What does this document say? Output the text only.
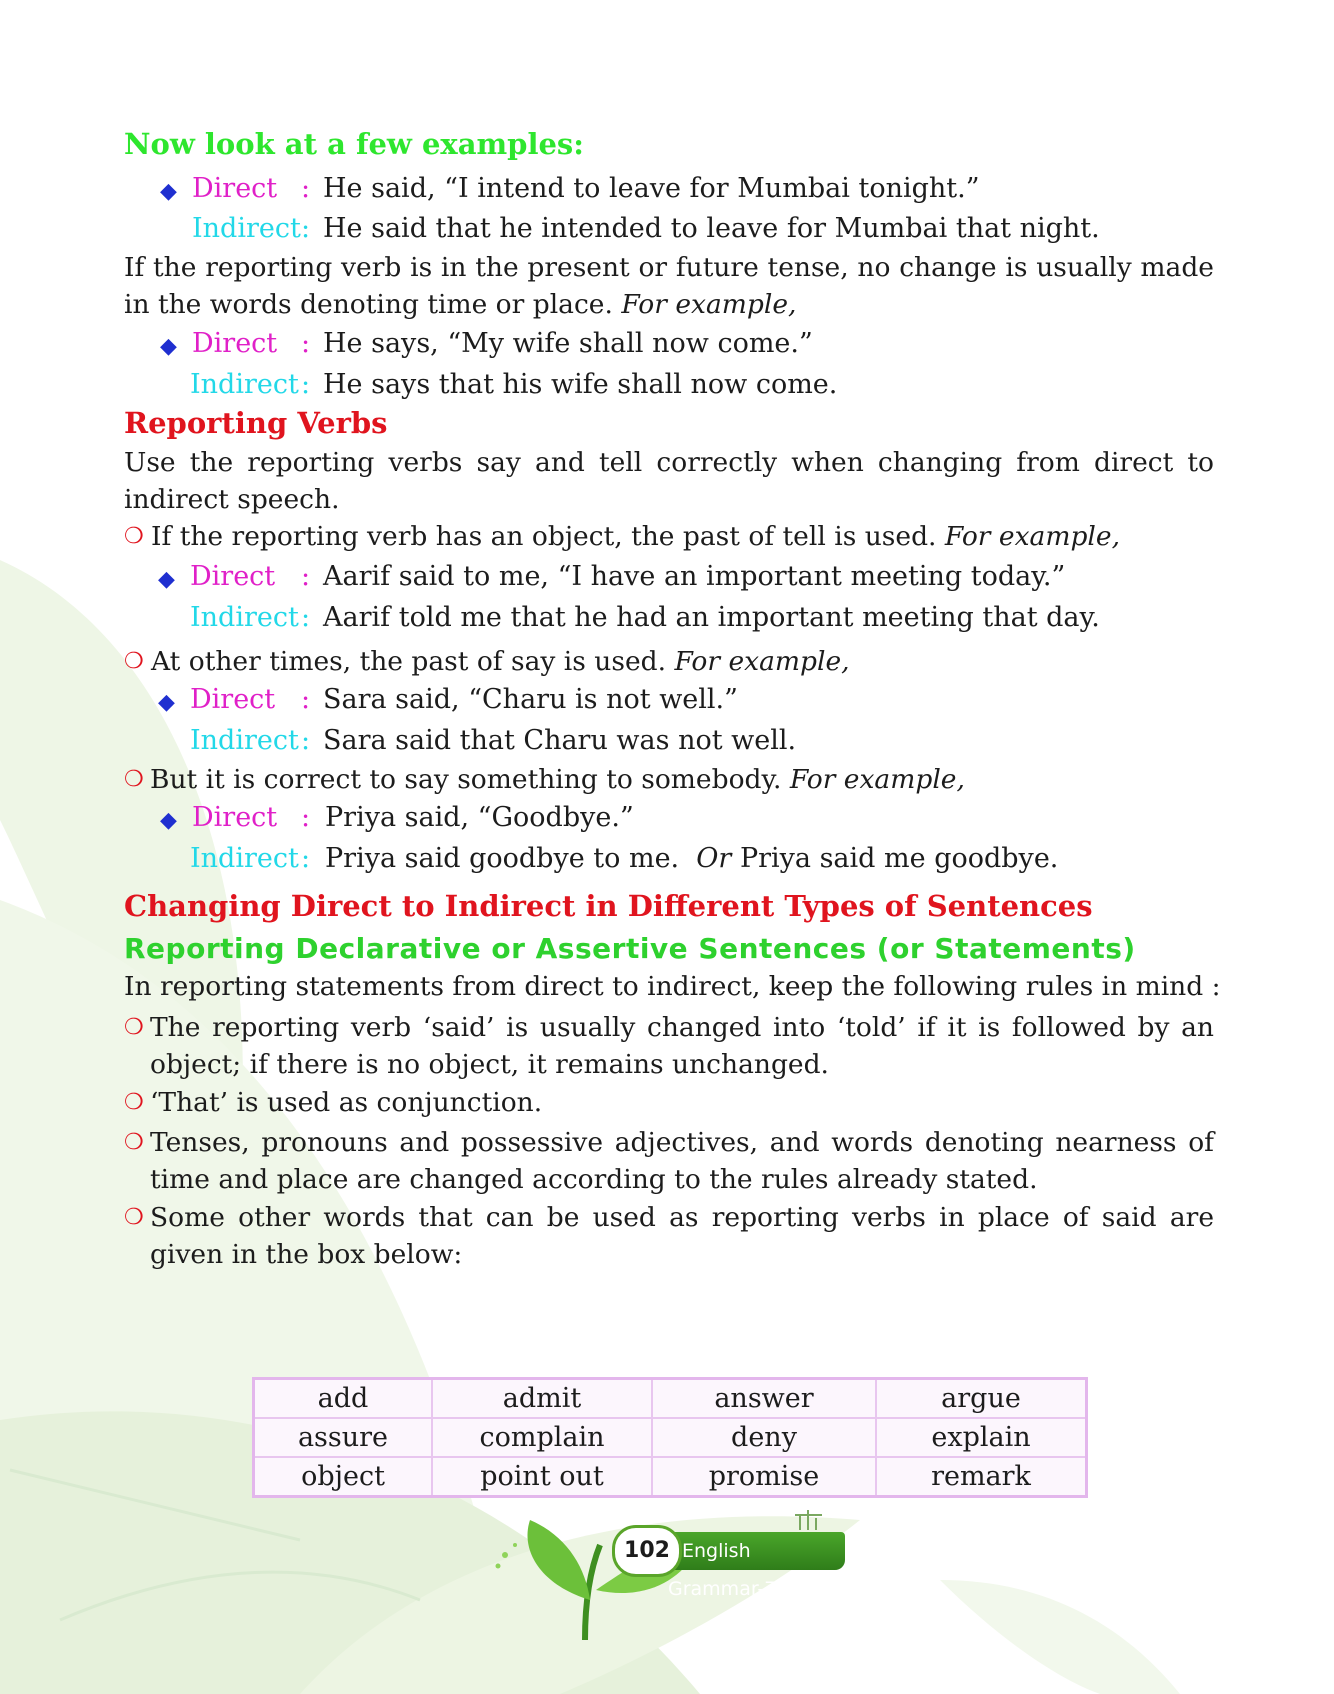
Now look at a few examples:
◆ Direct : He said, “I intend to leave for Mumbai tonight.”
Indirect : He said that he intended to leave for Mumbai that night.
If the reporting verb is in the present or future tense, no change is usually made in the words denoting time or place. For example,
◆ Direct : He says, “My wife shall now come.”
Indirect : He says that his wife shall now come.
Reporting Verbs
Use the reporting verbs say and tell correctly when changing from direct to indirect speech.
❍ If the reporting verb has an object, the past of tell is used. For example,
◆ Direct : Aarif said to me, “I have an important meeting today.”
Indirect : Aarif told me that he had an important meeting that day.
❍ At other times, the past of say is used. For example,
◆ Direct : Sara said, “Charu is not well.”
Indirect : Sara said that Charu was not well.
❍ But it is correct to say something to somebody. For example,
◆ Direct : Priya said, “Goodbye.”
Indirect : Priya said goodbye to me. Or Priya said me goodbye.
Changing Direct to Indirect in Different Types of Sentences
Reporting Declarative or Assertive Sentences (or Statements)
In reporting statements from direct to indirect, keep the following rules in mind :
❍ The reporting verb ‘said’ is usually changed into ‘told’ if it is followed by an object; if there is no object, it remains unchanged.
❍ ‘That’ is used as conjunction.
❍ Tenses, pronouns and possessive adjectives, and words denoting nearness of time and place are changed according to the rules already stated.
❍ Some other words that can be used as reporting verbs in place of said are given in the box below:
add	admit	answer	argue
assure	complain	deny	explain
object	point out	promise	remark
English Grammar-7
102
